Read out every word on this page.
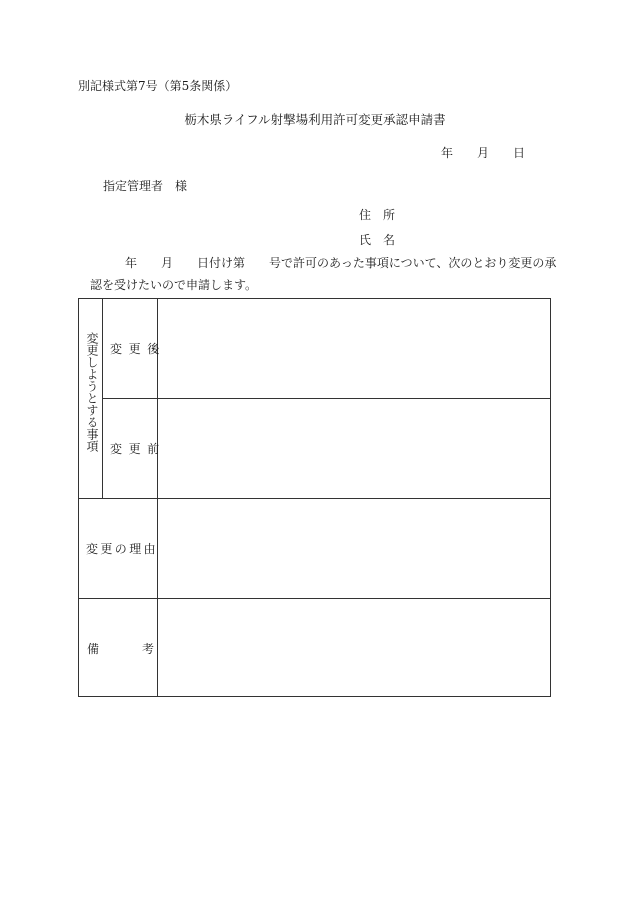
別記様式第7号（第5条関係）
栃木県ライフル射撃場利用許可変更承認申請書
年 月 日
指定管理者　様
住　所
氏　名
年　　月　　日付け第　　号で許可のあった事項について、次のとおり変更の承
認を受けたいので申請します。
変更しようとする事項 変更後
変更前
変更の理由
備	考
